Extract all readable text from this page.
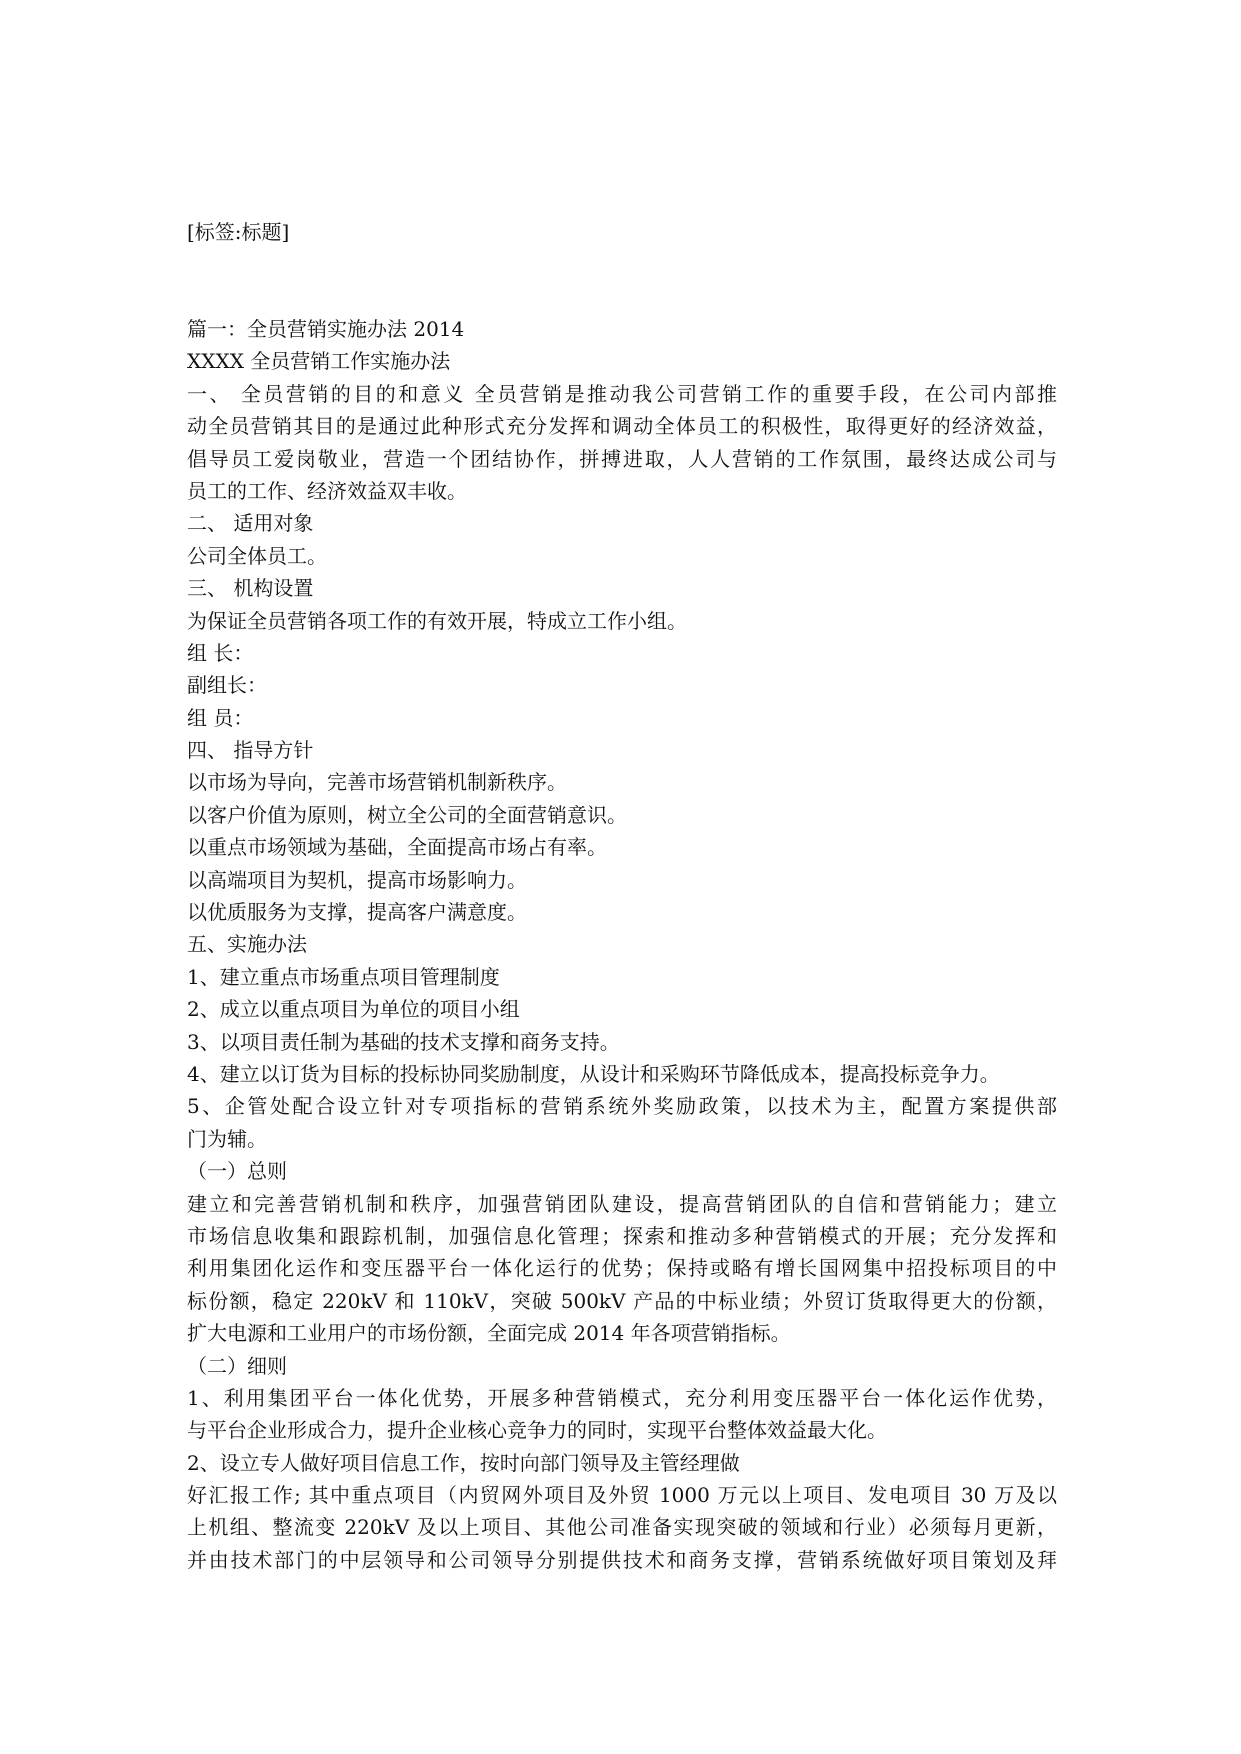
[标签:标题]
篇一：全员营销实施办法 2014
XXXX 全员营销工作实施办法
一、 全员营销的目的和意义 全员营销是推动我公司营销工作的重要手段，在公司内部推
动全员营销其目的是通过此种形式充分发挥和调动全体员工的积极性，取得更好的经济效益，
倡导员工爱岗敬业，营造一个团结协作，拼搏进取，人人营销的工作氛围，最终达成公司与
员工的工作、经济效益双丰收。
二、 适用对象
公司全体员工。
三、 机构设置
为保证全员营销各项工作的有效开展，特成立工作小组。
组 长：
副组长：
组 员：
四、 指导方针
以市场为导向，完善市场营销机制新秩序。
以客户价值为原则，树立全公司的全面营销意识。
以重点市场领域为基础，全面提高市场占有率。
以高端项目为契机，提高市场影响力。
以优质服务为支撑，提高客户满意度。
五、实施办法
1、建立重点市场重点项目管理制度
2、成立以重点项目为单位的项目小组
3、以项目责任制为基础的技术支撑和商务支持。
4、建立以订货为目标的投标协同奖励制度，从设计和采购环节降低成本，提高投标竞争力。
5、企管处配合设立针对专项指标的营销系统外奖励政策，以技术为主，配置方案提供部
门为辅。
（一）总则
建立和完善营销机制和秩序，加强营销团队建设，提高营销团队的自信和营销能力；建立
市场信息收集和跟踪机制，加强信息化管理；探索和推动多种营销模式的开展；充分发挥和
利用集团化运作和变压器平台一体化运行的优势；保持或略有增长国网集中招投标项目的中
标份额，稳定 220kV 和 110kV，突破 500kV 产品的中标业绩；外贸订货取得更大的份额，
扩大电源和工业用户的市场份额，全面完成 2014 年各项营销指标。
（二）细则
1、利用集团平台一体化优势，开展多种营销模式，充分利用变压器平台一体化运作优势，
与平台企业形成合力，提升企业核心竞争力的同时，实现平台整体效益最大化。
2、设立专人做好项目信息工作，按时向部门领导及主管经理做
好汇报工作; 其中重点项目（内贸网外项目及外贸 1000 万元以上项目、发电项目 30 万及以
上机组、整流变 220kV 及以上项目、其他公司准备实现突破的领域和行业）必须每月更新，
并由技术部门的中层领导和公司领导分别提供技术和商务支撑，营销系统做好项目策划及拜
